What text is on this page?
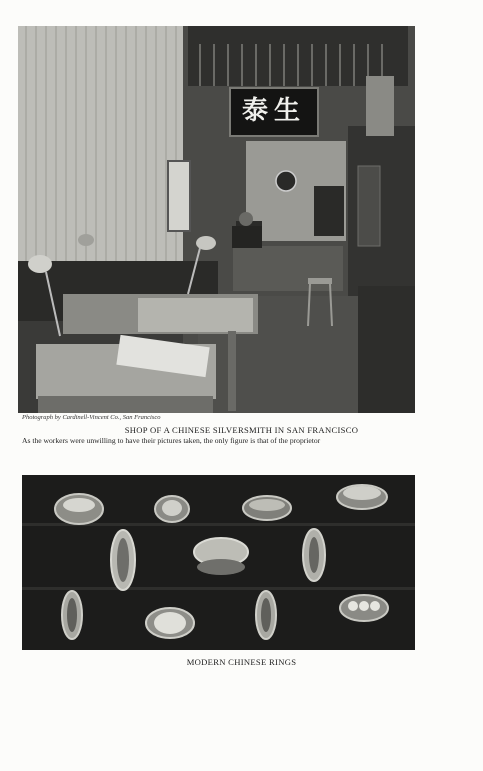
泰生
Photograph by Cardinell-Vincent Co., San Francisco
SHOP OF A CHINESE SILVERSMITH IN SAN FRANCISCO
As the workers were unwilling to have their pictures taken, the only figure is that of the proprietor
MODERN CHINESE RINGS
